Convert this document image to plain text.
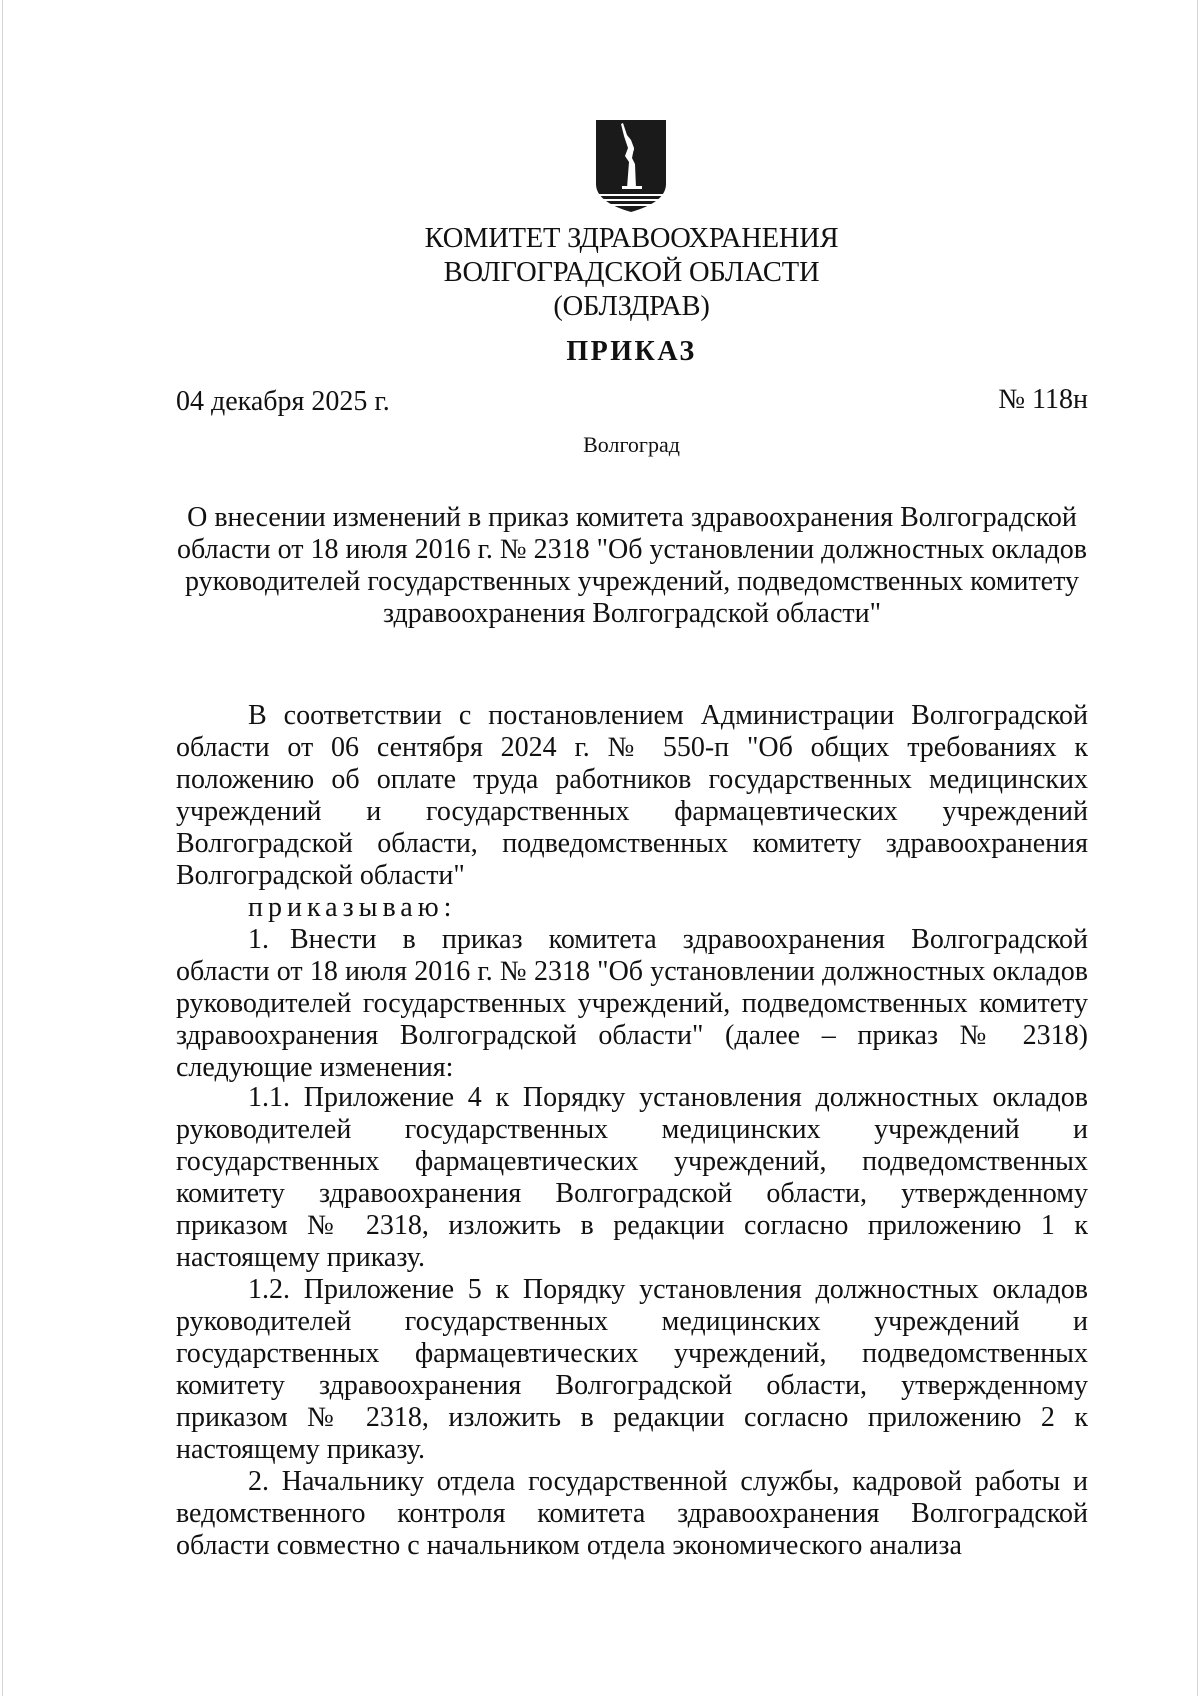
КОМИТЕТ ЗДРАВООХРАНЕНИЯ
ВОЛГОГРАДСКОЙ ОБЛАСТИ
(ОБЛЗДРАВ)
ПРИКАЗ
04 декабря 2025 г.	№ 118н
Волгоград
О внесении изменений в приказ комитета здравоохранения Волгоградской области от 18 июля 2016 г. № 2318 "Об установлении должностных окладов руководителей государственных учреждений, подведомственных комитету здравоохранения Волгоградской области"

В соответствии с постановлением Администрации Волгоградской области от 06 сентября 2024 г. № 550-п "Об общих требованиях к положению об оплате труда работников государственных медицинских учреждений и государственных фармацевтических учреждений Волгоградской области, подведомственных комитету здравоохранения Волгоградской области"

приказываю:

1. Внести в приказ комитета здравоохранения Волгоградской области от 18 июля 2016 г. № 2318 "Об установлении должностных окладов руководителей государственных учреждений, подведомственных комитету здравоохранения Волгоградской области" (далее – приказ № 2318) следующие изменения:

1.1. Приложение 4 к Порядку установления должностных окладов руководителей государственных медицинских учреждений и государственных фармацевтических учреждений, подведомственных комитету здравоохранения Волгоградской области, утвержденному приказом № 2318, изложить в редакции согласно приложению 1 к настоящему приказу.

1.2. Приложение 5 к Порядку установления должностных окладов руководителей государственных медицинских учреждений и государственных фармацевтических учреждений, подведомственных комитету здравоохранения Волгоградской области, утвержденному приказом № 2318, изложить в редакции согласно приложению 2 к настоящему приказу.

2. Начальнику отдела государственной службы, кадровой работы и ведомственного контроля комитета здравоохранения Волгоградской области совместно с начальником отдела экономического анализа
